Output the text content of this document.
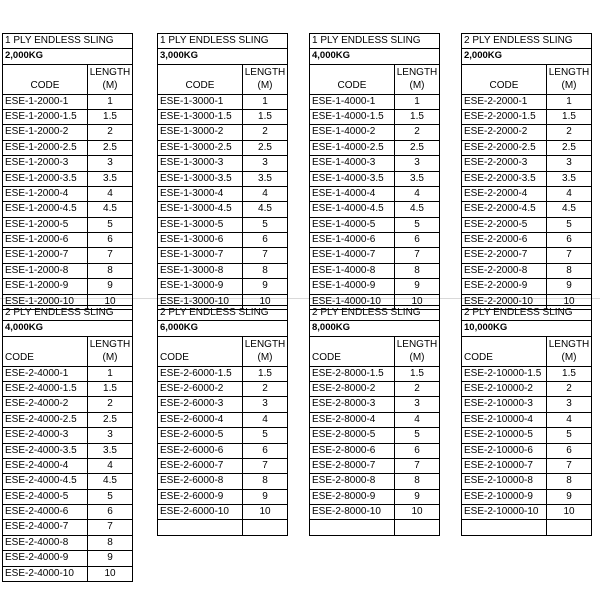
1 PLY ENDLESS SLING
2,000KG
CODE
LENGTH
(M)
ESE-1-2000-1	1
ESE-1-2000-1.5	1.5
ESE-1-2000-2	2
ESE-1-2000-2.5	2.5
ESE-1-2000-3	3
ESE-1-2000-3.5	3.5
ESE-1-2000-4	4
ESE-1-2000-4.5	4.5
ESE-1-2000-5	5
ESE-1-2000-6	6
ESE-1-2000-7	7
ESE-1-2000-8	8
ESE-1-2000-9	9
ESE-1-2000-10	10
1 PLY ENDLESS SLING
3,000KG
CODE
LENGTH
(M)
ESE-1-3000-1	1
ESE-1-3000-1.5	1.5
ESE-1-3000-2	2
ESE-1-3000-2.5	2.5
ESE-1-3000-3	3
ESE-1-3000-3.5	3.5
ESE-1-3000-4	4
ESE-1-3000-4.5	4.5
ESE-1-3000-5	5
ESE-1-3000-6	6
ESE-1-3000-7	7
ESE-1-3000-8	8
ESE-1-3000-9	9
ESE-1-3000-10	10
1 PLY ENDLESS SLING
4,000KG
CODE
LENGTH
(M)
ESE-1-4000-1	1
ESE-1-4000-1.5	1.5
ESE-1-4000-2	2
ESE-1-4000-2.5	2.5
ESE-1-4000-3	3
ESE-1-4000-3.5	3.5
ESE-1-4000-4	4
ESE-1-4000-4.5	4.5
ESE-1-4000-5	5
ESE-1-4000-6	6
ESE-1-4000-7	7
ESE-1-4000-8	8
ESE-1-4000-9	9
ESE-1-4000-10	10
2 PLY ENDLESS SLING
2,000KG
CODE
LENGTH
(M)
ESE-2-2000-1	1
ESE-2-2000-1.5	1.5
ESE-2-2000-2	2
ESE-2-2000-2.5	2.5
ESE-2-2000-3	3
ESE-2-2000-3.5	3.5
ESE-2-2000-4	4
ESE-2-2000-4.5	4.5
ESE-2-2000-5	5
ESE-2-2000-6	6
ESE-2-2000-7	7
ESE-2-2000-8	8
ESE-2-2000-9	9
ESE-2-2000-10	10
2 PLY ENDLESS SLING
4,000KG
CODE
LENGTH
(M)
ESE-2-4000-1	1
ESE-2-4000-1.5	1.5
ESE-2-4000-2	2
ESE-2-4000-2.5	2.5
ESE-2-4000-3	3
ESE-2-4000-3.5	3.5
ESE-2-4000-4	4
ESE-2-4000-4.5	4.5
ESE-2-4000-5	5
ESE-2-4000-6	6
ESE-2-4000-7	7
ESE-2-4000-8	8
ESE-2-4000-9	9
ESE-2-4000-10	10
2 PLY ENDLESS SLING
6,000KG
CODE
LENGTH
(M)
ESE-2-6000-1.5	1.5
ESE-2-6000-2	2
ESE-2-6000-3	3
ESE-2-6000-4	4
ESE-2-6000-5	5
ESE-2-6000-6	6
ESE-2-6000-7	7
ESE-2-6000-8	8
ESE-2-6000-9	9
ESE-2-6000-10	10
2 PLY ENDLESS SLING
8,000KG
CODE
LENGTH
(M)
ESE-2-8000-1.5	1.5
ESE-2-8000-2	2
ESE-2-8000-3	3
ESE-2-8000-4	4
ESE-2-8000-5	5
ESE-2-8000-6	6
ESE-2-8000-7	7
ESE-2-8000-8	8
ESE-2-8000-9	9
ESE-2-8000-10	10
2 PLY ENDLESS SLING
10,000KG
CODE
LENGTH
(M)
ESE-2-10000-1.5	1.5
ESE-2-10000-2	2
ESE-2-10000-3	3
ESE-2-10000-4	4
ESE-2-10000-5	5
ESE-2-10000-6	6
ESE-2-10000-7	7
ESE-2-10000-8	8
ESE-2-10000-9	9
ESE-2-10000-10	10
